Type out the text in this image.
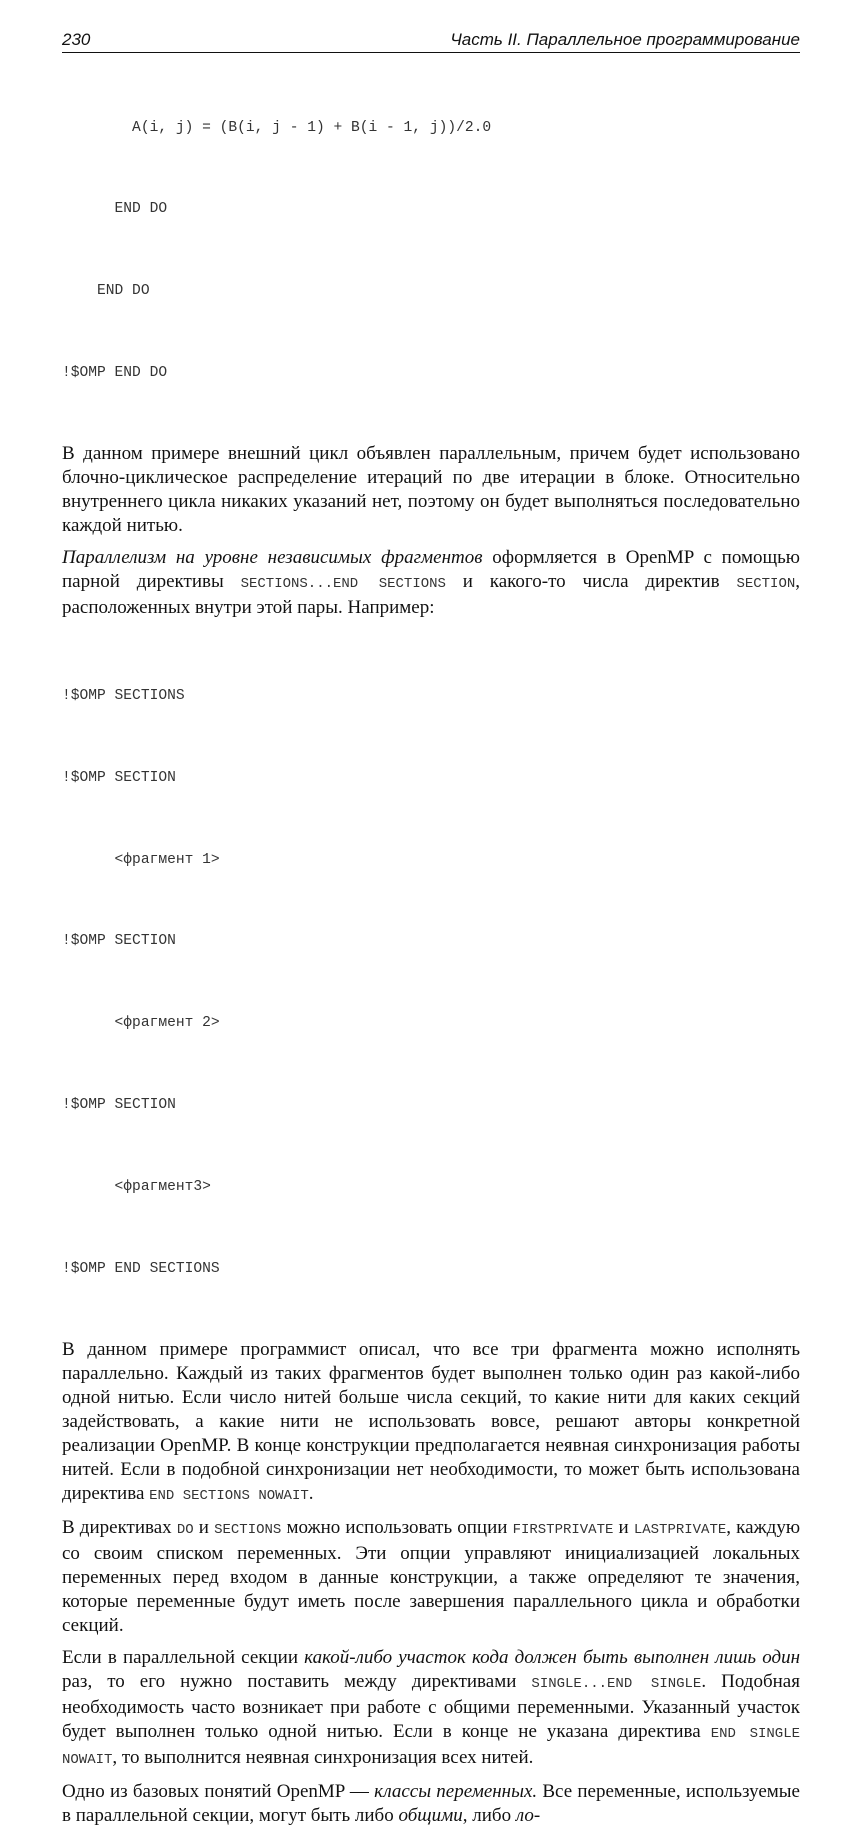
230	Часть II. Параллельное программирование

A(i, j) = (B(i, j - 1) + B(i - 1, j))/2.0

END DO

END DO

!$OMP END DO

В данном примере внешний цикл объявлен параллельным, причем будет использовано блочно-циклическое распределение итераций по две итерации в блоке. Относительно внутреннего цикла никаких указаний нет, поэтому он будет выполняться последовательно каждой нитью.

Параллелизм на уровне независимых фрагментов оформляется в OpenMP с помощью парной директивы SECTIONS...END SECTIONS и какого-то числа директив SECTION, расположенных внутри этой пары. Например:

!$OMP SECTIONS

!$OMP SECTION

<фрагмент 1>

!$OMP SECTION

<фрагмент 2>

!$OMP SECTION

<фрагмент3>

!$OMP END SECTIONS

В данном примере программист описал, что все три фрагмента можно исполнять параллельно. Каждый из таких фрагментов будет выполнен только один раз какой-либо одной нитью. Если число нитей больше числа секций, то какие нити для каких секций задействовать, а какие нити не использовать вовсе, решают авторы конкретной реализации OpenMP. В конце конструкции предполагается неявная синхронизация работы нитей. Если в подобной синхронизации нет необходимости, то может быть использована директива END SECTIONS NOWAIT.

В директивах DO и SECTIONS можно использовать опции FIRSTPRIVATE и LASTPRIVATE, каждую со своим списком переменных. Эти опции управляют инициализацией локальных переменных перед входом в данные конструкции, а также определяют те значения, которые переменные будут иметь после завершения параллельного цикла и обработки секций.

Если в параллельной секции какой-либо участок кода должен быть выполнен лишь один раз, то его нужно поставить между директивами SINGLE...END SINGLE. Подобная необходимость часто возникает при работе с общими переменными. Указанный участок будет выполнен только одной нитью. Если в конце не указана директива END SINGLE NOWAIT, то выполнится неявная синхронизация всех нитей.

Одно из базовых понятий OpenMP — классы переменных. Все переменные, используемые в параллельной секции, могут быть либо общими, либо ло-
